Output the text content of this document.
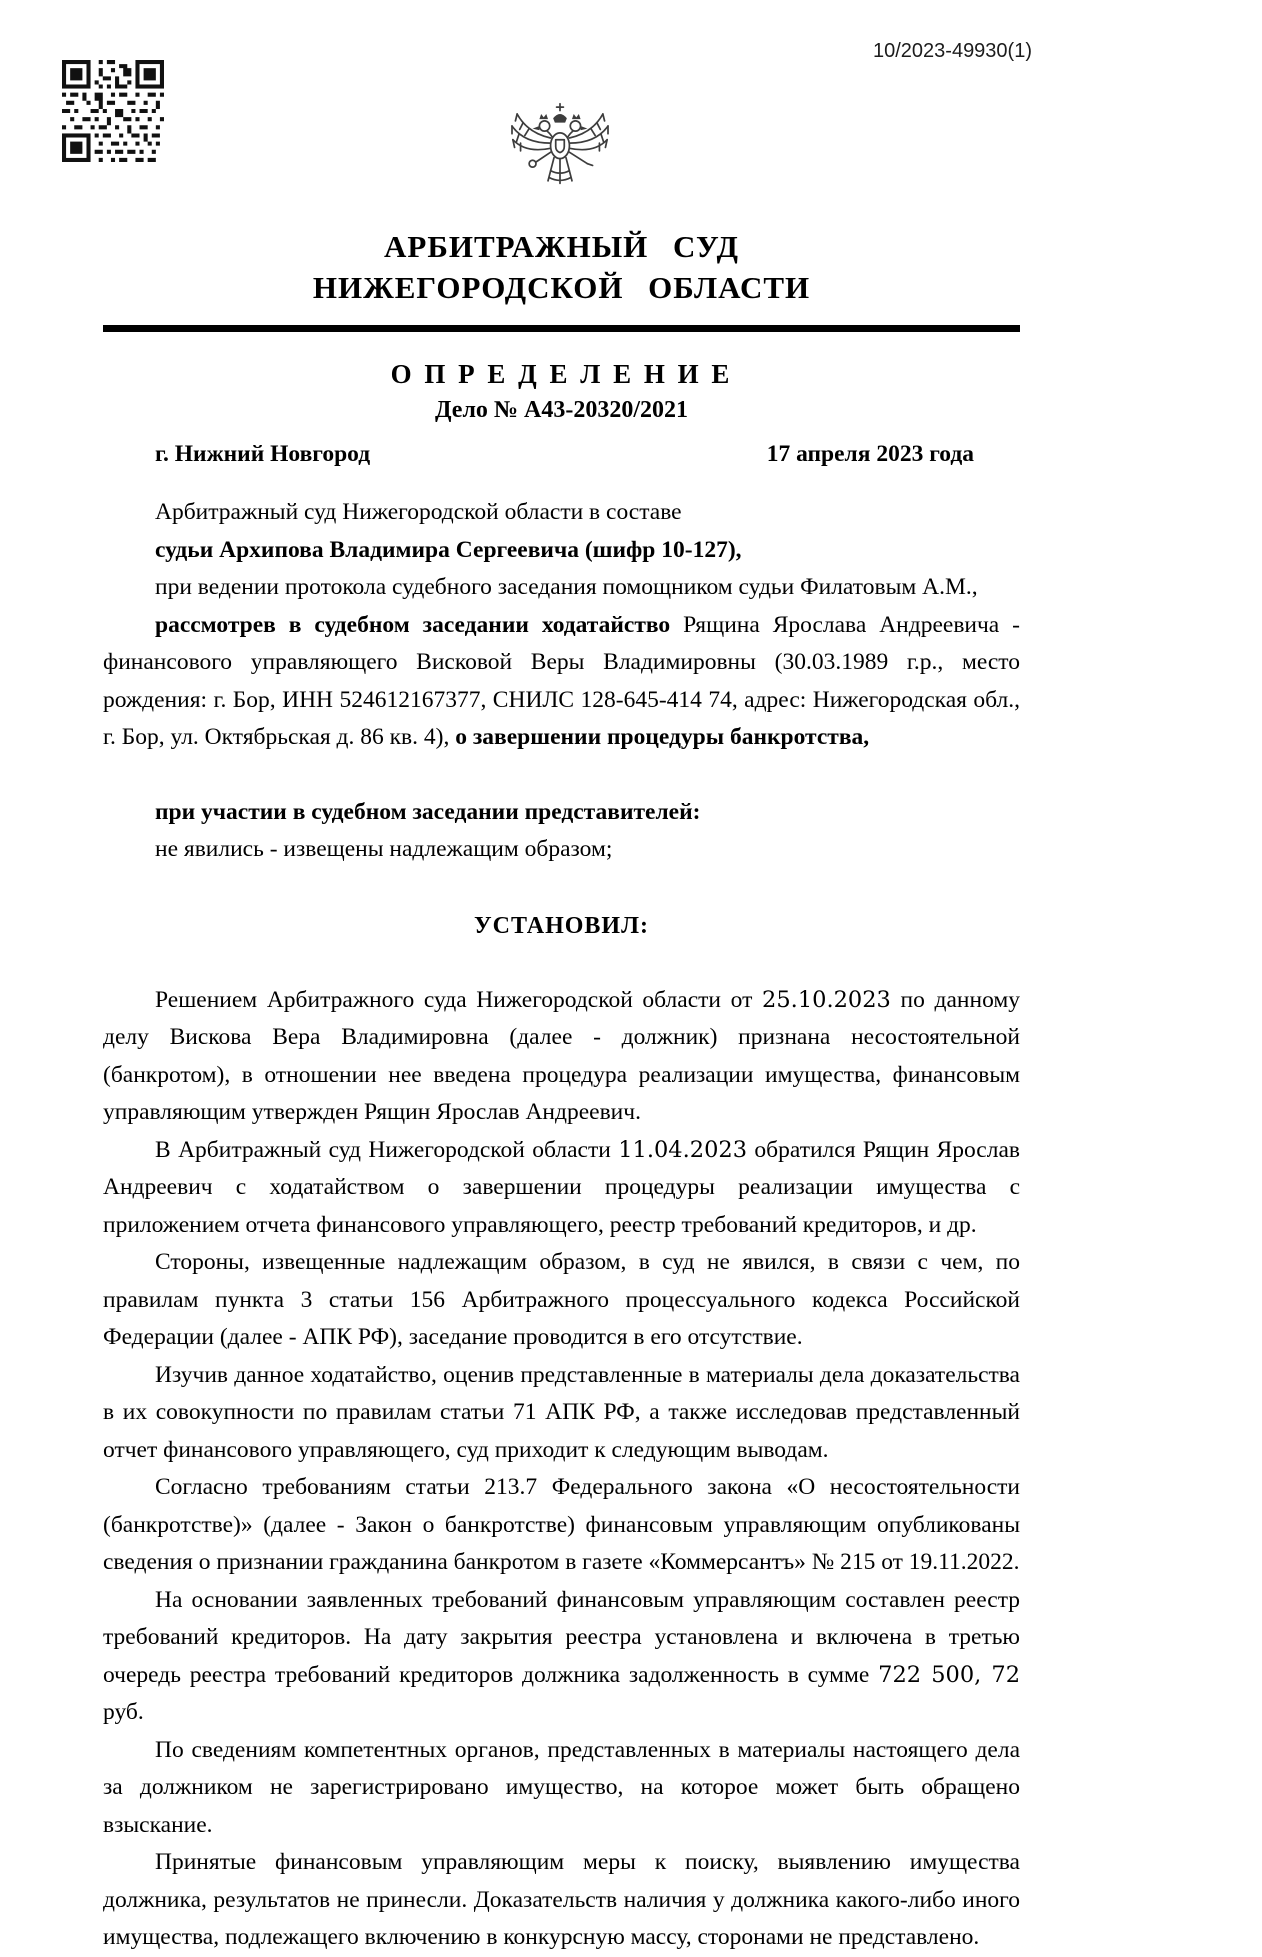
10/2023-49930(1)
АРБИТРАЖНЫЙ СУД
НИЖЕГОРОДСКОЙ ОБЛАСТИ
О П Р Е Д Е Л Е Н И Е
Дело № А43-20320/2021
г. Нижний Новгород	17 апреля 2023 года

Арбитражный суд Нижегородской области в составе

судьи Архипова Владимира Сергеевича (шифр 10-127),

при ведении протокола судебного заседания помощником судьи Филатовым А.М.,

рассмотрев в судебном заседании ходатайство Рящина Ярослава Андреевича - финансового управляющего Висковой Веры Владимировны (30.03.1989 г.р., место рождения: г. Бор, ИНН 524612167377, СНИЛС 128-645-414 74, адрес: Нижегородская обл., г. Бор, ул. Октябрьская д. 86 кв. 4), о завершении процедуры банкротства,

при участии в судебном заседании представителей:

не явились - извещены надлежащим образом;

УСТАНОВИЛ:

Решением Арбитражного суда Нижегородской области от 25.10.2023 по данному делу Вискова Вера Владимировна (далее - должник) признана несостоятельной (банкротом), в отношении нее введена процедура реализации имущества, финансовым управляющим утвержден Рящин Ярослав Андреевич.

В Арбитражный суд Нижегородской области 11.04.2023 обратился Рящин Ярослав Андреевич с ходатайством о завершении процедуры реализации имущества с приложением отчета финансового управляющего, реестр требований кредиторов, и др.

Стороны, извещенные надлежащим образом, в суд не явился, в связи с чем, по правилам пункта 3 статьи 156 Арбитражного процессуального кодекса Российской Федерации (далее - АПК РФ), заседание проводится в его отсутствие.

Изучив данное ходатайство, оценив представленные в материалы дела доказательства в их совокупности по правилам статьи 71 АПК РФ, а также исследовав представленный отчет финансового управляющего, суд приходит к следующим выводам.

Согласно требованиям статьи 213.7 Федерального закона «О несостоятельности (банкротстве)» (далее - Закон о банкротстве) финансовым управляющим опубликованы сведения о признании гражданина банкротом в газете «Коммерсантъ» № 215 от 19.11.2022.

На основании заявленных требований финансовым управляющим составлен реестр требований кредиторов. На дату закрытия реестра установлена и включена в третью очередь реестра требований кредиторов должника задолженность в сумме 722 500, 72 руб.

По сведениям компетентных органов, представленных в материалы настоящего дела за должником не зарегистрировано имущество, на которое может быть обращено взыскание.

Принятые финансовым управляющим меры к поиску, выявлению имущества должника, результатов не принесли. Доказательств наличия у должника какого-либо иного имущества, подлежащего включению в конкурсную массу, сторонами не представлено.
